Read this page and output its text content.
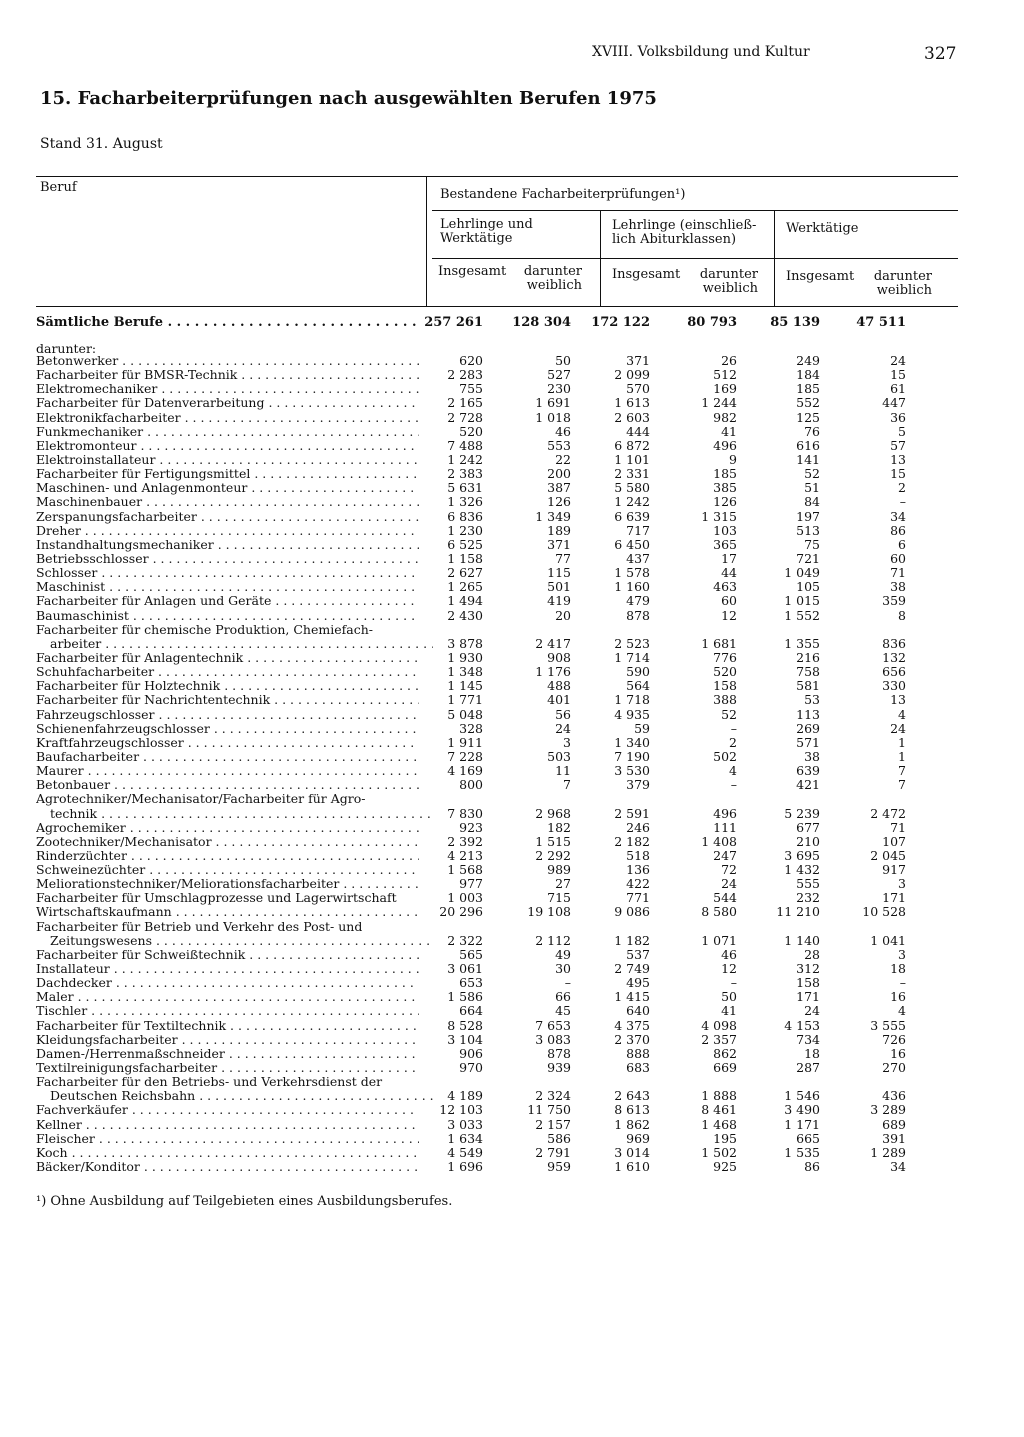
XVIII. Volksbildung und Kultur	327
15. Facharbeiterprüfungen nach ausgewählten Berufen 1975
Stand 31. August
Beruf	Bestandene Facharbeiterprüfungen¹)
Lehrlinge und Werktätige
Lehrlinge (einschließ-lich Abiturklassen)
Werktätige
Insgesamt	darunter weiblich
Insgesamt	darunter weiblich
Insgesamt	darunter weiblich
Sämtliche Berufe . . .	257 261	128 304	172 122	80 793	85 139	47 511
darunter:
Betonwerker . . .	620	50	371	26	249	24
Facharbeiter für BMSR-Technik . . .	2 283	527	2 099	512	184	15
Elektromechaniker . . .	755	230	570	169	185	61
Facharbeiter für Datenverarbeitung . . .	2 165	1 691	1 613	1 244	552	447
Elektronikfacharbeiter . . .	2 728	1 018	2 603	982	125	36
Funkmechaniker . . .	520	46	444	41	76	5
Elektromonteur . . .	7 488	553	6 872	496	616	57
Elektroinstallateur . . .	1 242	22	1 101	9	141	13
Facharbeiter für Fertigungsmittel . . .	2 383	200	2 331	185	52	15
Maschinen- und Anlagenmonteur . . .	5 631	387	5 580	385	51	2
Maschinenbauer . . .	1 326	126	1 242	126	84	–
Zerspanungsfacharbeiter . . .	6 836	1 349	6 639	1 315	197	34
Dreher . . .	1 230	189	717	103	513	86
Instandhaltungsmechaniker . . .	6 525	371	6 450	365	75	6
Betriebsschlosser . . .	1 158	77	437	17	721	60
Schlosser . . .	2 627	115	1 578	44	1 049	71
Maschinist . . .	1 265	501	1 160	463	105	38
Facharbeiter für Anlagen und Geräte . . .	1 494	419	479	60	1 015	359
Baumaschinist . . .	2 430	20	878	12	1 552	8
Facharbeiter für chemische Produktion, Chemiefach-
arbeiter . . .	3 878	2 417	2 523	1 681	1 355	836
Facharbeiter für Anlagentechnik . . .	1 930	908	1 714	776	216	132
Schuhfacharbeiter . . .	1 348	1 176	590	520	758	656
Facharbeiter für Holztechnik . . .	1 145	488	564	158	581	330
Facharbeiter für Nachrichtentechnik . . .	1 771	401	1 718	388	53	13
Fahrzeugschlosser . . .	5 048	56	4 935	52	113	4
Schienenfahrzeugschlosser . . .	328	24	59	–	269	24
Kraftfahrzeugschlosser . . .	1 911	3	1 340	2	571	1
Baufacharbeiter . . .	7 228	503	7 190	502	38	1
Maurer . . .	4 169	11	3 530	4	639	7
Betonbauer . . .	800	7	379	–	421	7
Agrotechniker/Mechanisator/Facharbeiter für Agro-
technik . . .	7 830	2 968	2 591	496	5 239	2 472
Agrochemiker . . .	923	182	246	111	677	71
Zootechniker/Mechanisator . . .	2 392	1 515	2 182	1 408	210	107
Rinderzüchter . . .	4 213	2 292	518	247	3 695	2 045
Schweinezüchter . . .	1 568	989	136	72	1 432	917
Meliorationstechniker/Meliorationsfacharbeiter . . .	977	27	422	24	555	3
Facharbeiter für Umschlagprozesse und Lagerwirtschaft	1 003	715	771	544	232	171
Wirtschaftskaufmann . . .	20 296	19 108	9 086	8 580	11 210	10 528
Facharbeiter für Betrieb und Verkehr des Post- und
Zeitungswesens . . .	2 322	2 112	1 182	1 071	1 140	1 041
Facharbeiter für Schweißtechnik . . .	565	49	537	46	28	3
Installateur . . .	3 061	30	2 749	12	312	18
Dachdecker . . .	653	–	495	–	158	–
Maler . . .	1 586	66	1 415	50	171	16
Tischler . . .	664	45	640	41	24	4
Facharbeiter für Textiltechnik . . .	8 528	7 653	4 375	4 098	4 153	3 555
Kleidungsfacharbeiter . . .	3 104	3 083	2 370	2 357	734	726
Damen-/Herrenmaßschneider . . .	906	878	888	862	18	16
Textilreinigungsfacharbeiter . . .	970	939	683	669	287	270
Facharbeiter für den Betriebs- und Verkehrsdienst der
Deutschen Reichsbahn . . .	4 189	2 324	2 643	1 888	1 546	436
Fachverkäufer . . .	12 103	11 750	8 613	8 461	3 490	3 289
Kellner . . .	3 033	2 157	1 862	1 468	1 171	689
Fleischer . . .	1 634	586	969	195	665	391
Koch . . .	4 549	2 791	3 014	1 502	1 535	1 289
Bäcker/Konditor . . .	1 696	959	1 610	925	86	34
¹) Ohne Ausbildung auf Teilgebieten eines Ausbildungsberufes.
